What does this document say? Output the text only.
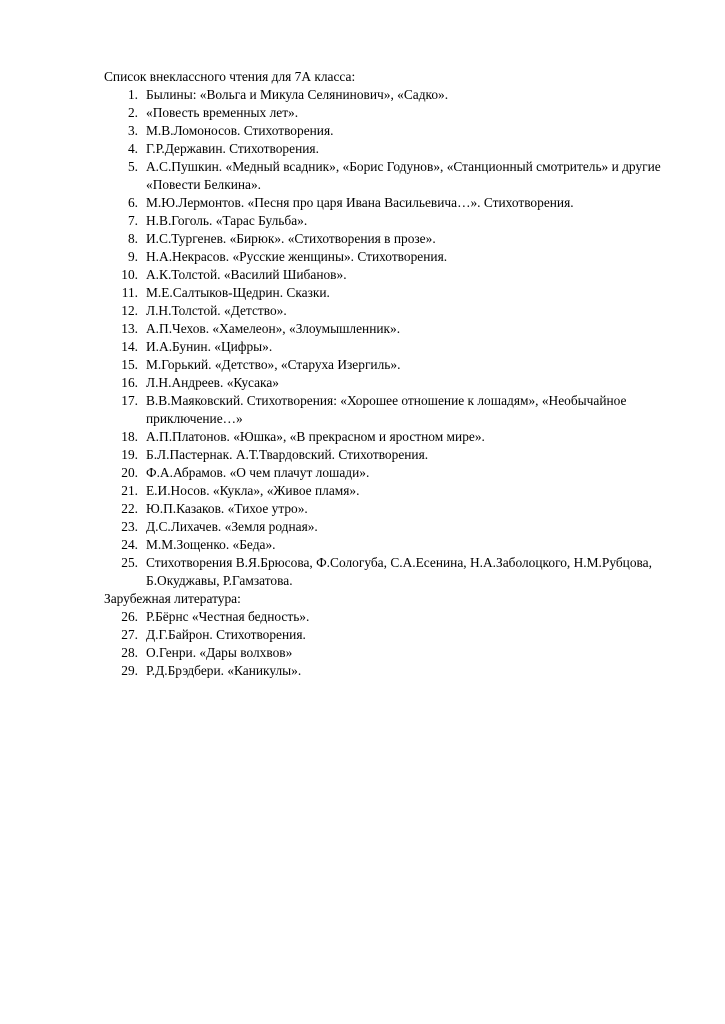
Список внеклассного чтения для 7А класса:
1. Былины: «Вольга и Микула Селянинович», «Садко».
2. «Повесть временных лет».
3. М.В.Ломоносов. Стихотворения.
4. Г.Р.Державин. Стихотворения.
5. А.С.Пушкин. «Медный всадник», «Борис Годунов», «Станционный смотритель» и другие «Повести Белкина».
6. М.Ю.Лермонтов. «Песня про царя Ивана Васильевича…». Стихотворения.
7. Н.В.Гоголь. «Тарас Бульба».
8. И.С.Тургенев. «Бирюк». «Стихотворения в прозе».
9. Н.А.Некрасов. «Русские женщины». Стихотворения.
10. А.К.Толстой. «Василий Шибанов».
11. М.Е.Салтыков-Щедрин. Сказки.
12. Л.Н.Толстой. «Детство».
13. А.П.Чехов. «Хамелеон», «Злоумышленник».
14. И.А.Бунин. «Цифры».
15. М.Горький. «Детство», «Старуха Изергиль».
16. Л.Н.Андреев. «Кусака»
17. В.В.Маяковский. Стихотворения: «Хорошее отношение к лошадям», «Необычайное приключение…»
18. А.П.Платонов. «Юшка», «В прекрасном и яростном мире».
19. Б.Л.Пастернак. А.Т.Твардовский. Стихотворения.
20. Ф.А.Абрамов. «О чем плачут лошади».
21. Е.И.Носов. «Кукла», «Живое пламя».
22. Ю.П.Казаков. «Тихое утро».
23. Д.С.Лихачев. «Земля родная».
24. М.М.Зощенко. «Беда».
25. Стихотворения В.Я.Брюсова, Ф.Сологуба, С.А.Есенина, Н.А.Заболоцкого, Н.М.Рубцова, Б.Окуджавы, Р.Гамзатова.
Зарубежная литература:
26. Р.Бёрнс «Честная бедность».
27. Д.Г.Байрон. Стихотворения.
28. О.Генри. «Дары волхвов»
29. Р.Д.Брэдбери. «Каникулы».
